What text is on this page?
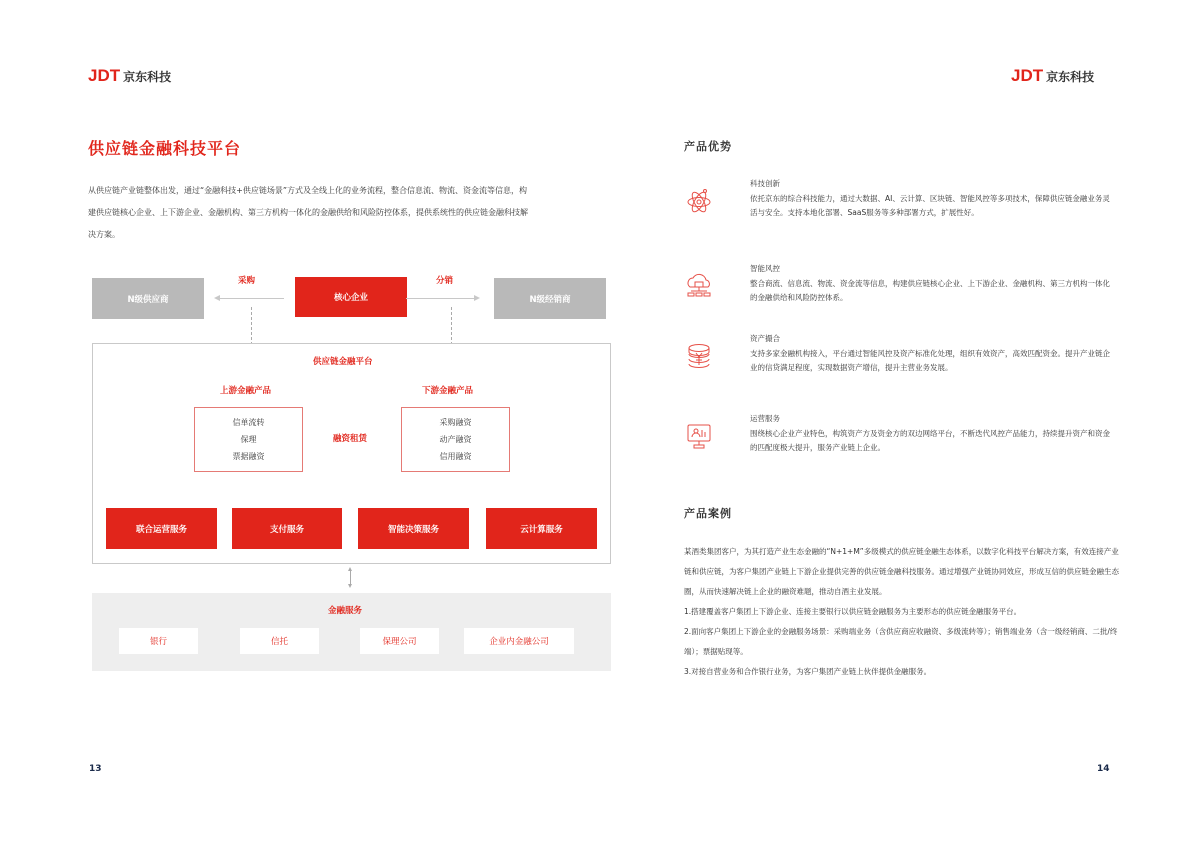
JDT 京东科技
供应链金融科技平台
从供应链产业链整体出发，通过“金融科技+供应链场景”方式及全线上化的业务流程，整合信息流、物流、资金流等信息，构建供应链核心企业、上下游企业、金融机构、第三方机构一体化的金融供给和风险防控体系，提供系统性的供应链金融科技解决方案。
N级供应商	核心企业	N级经销商
采购	分销
供应链金融平台
上游金融产品	下游金融产品
信单流转
保理
票据融资
融资租赁
采购融资
动产融资
信用融资
联合运营服务	支付服务	智能决策服务	云计算服务
金融服务
银行	信托	保理公司	企业内金融公司
13
JDT 京东科技
产品优势
科技创新
依托京东的综合科技能力，通过大数据、AI、云计算、区块链、智能风控等多项技术，保障供应链金融业务灵活与安全。支持本地化部署、SaaS服务等多种部署方式，扩展性好。
智能风控
整合商流、信息流、物流、资金流等信息，构建供应链核心企业、上下游企业、金融机构、第三方机构一体化的金融供给和风险防控体系。
资产撮合
支持多家金融机构接入，平台通过智能风控及资产标准化处理，组织有效资产，高效匹配资金。提升产业链企业的信贷满足程度，实现数据资产增信，提升主营业务发展。
运营服务
围绕核心企业产业特色，构筑资产方及资金方的双边网络平台，不断迭代风控产品能力，持续提升资产和资金的匹配度极大提升，服务产业链上企业。
产品案例

某酒类集团客户，为其打造产业生态金融的“N+1+M”多级模式的供应链金融生态体系，以数字化科技平台解决方案，有效连接产业链和供应链，为客户集团产业链上下游企业提供完善的供应链金融科技服务。通过增强产业链协同效应，形成互信的供应链金融生态圈，从而快速解决链上企业的融资难题，推动自酒主业发展。

1.搭建覆盖客户集团上下游企业、连接主要银行以供应链金融服务为主要形态的供应链金融服务平台。

2.面向客户集团上下游企业的金融服务场景：采购端业务（含供应商应收融资、多级流转等）；销售端业务（含一级经销商、二批/终端）；票据贴现等。

3.对接自营业务和合作银行业务，为客户集团产业链上伙伴提供金融服务。

14
